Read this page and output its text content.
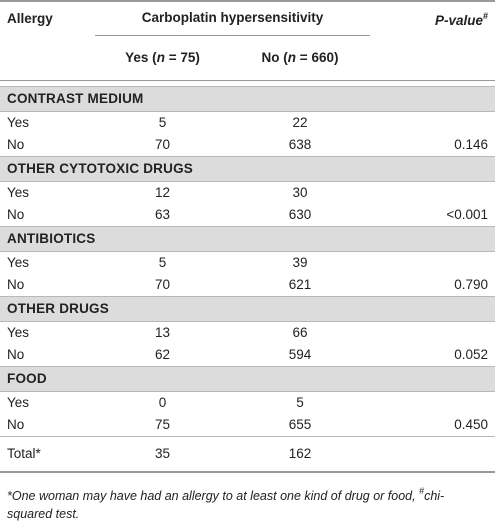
Allergy	Carboplatin hypersensitivity		P-value#
	Yes (n = 75)	No (n = 660)	

CONTRAST MEDIUM			
Yes	5	22	
No	70	638	0.146
OTHER CYTOTOXIC DRUGS			
Yes	12	30	
No	63	630	<0.001
ANTIBIOTICS			
Yes	5	39	
No	70	621	0.790
OTHER DRUGS			
Yes	13	66	
No	62	594	0.052
FOOD			
Yes	0	5	
No	75	655	0.450
Total*	35	162	

*One woman may have had an allergy to at least one kind of drug or food, #chi-squared test.
